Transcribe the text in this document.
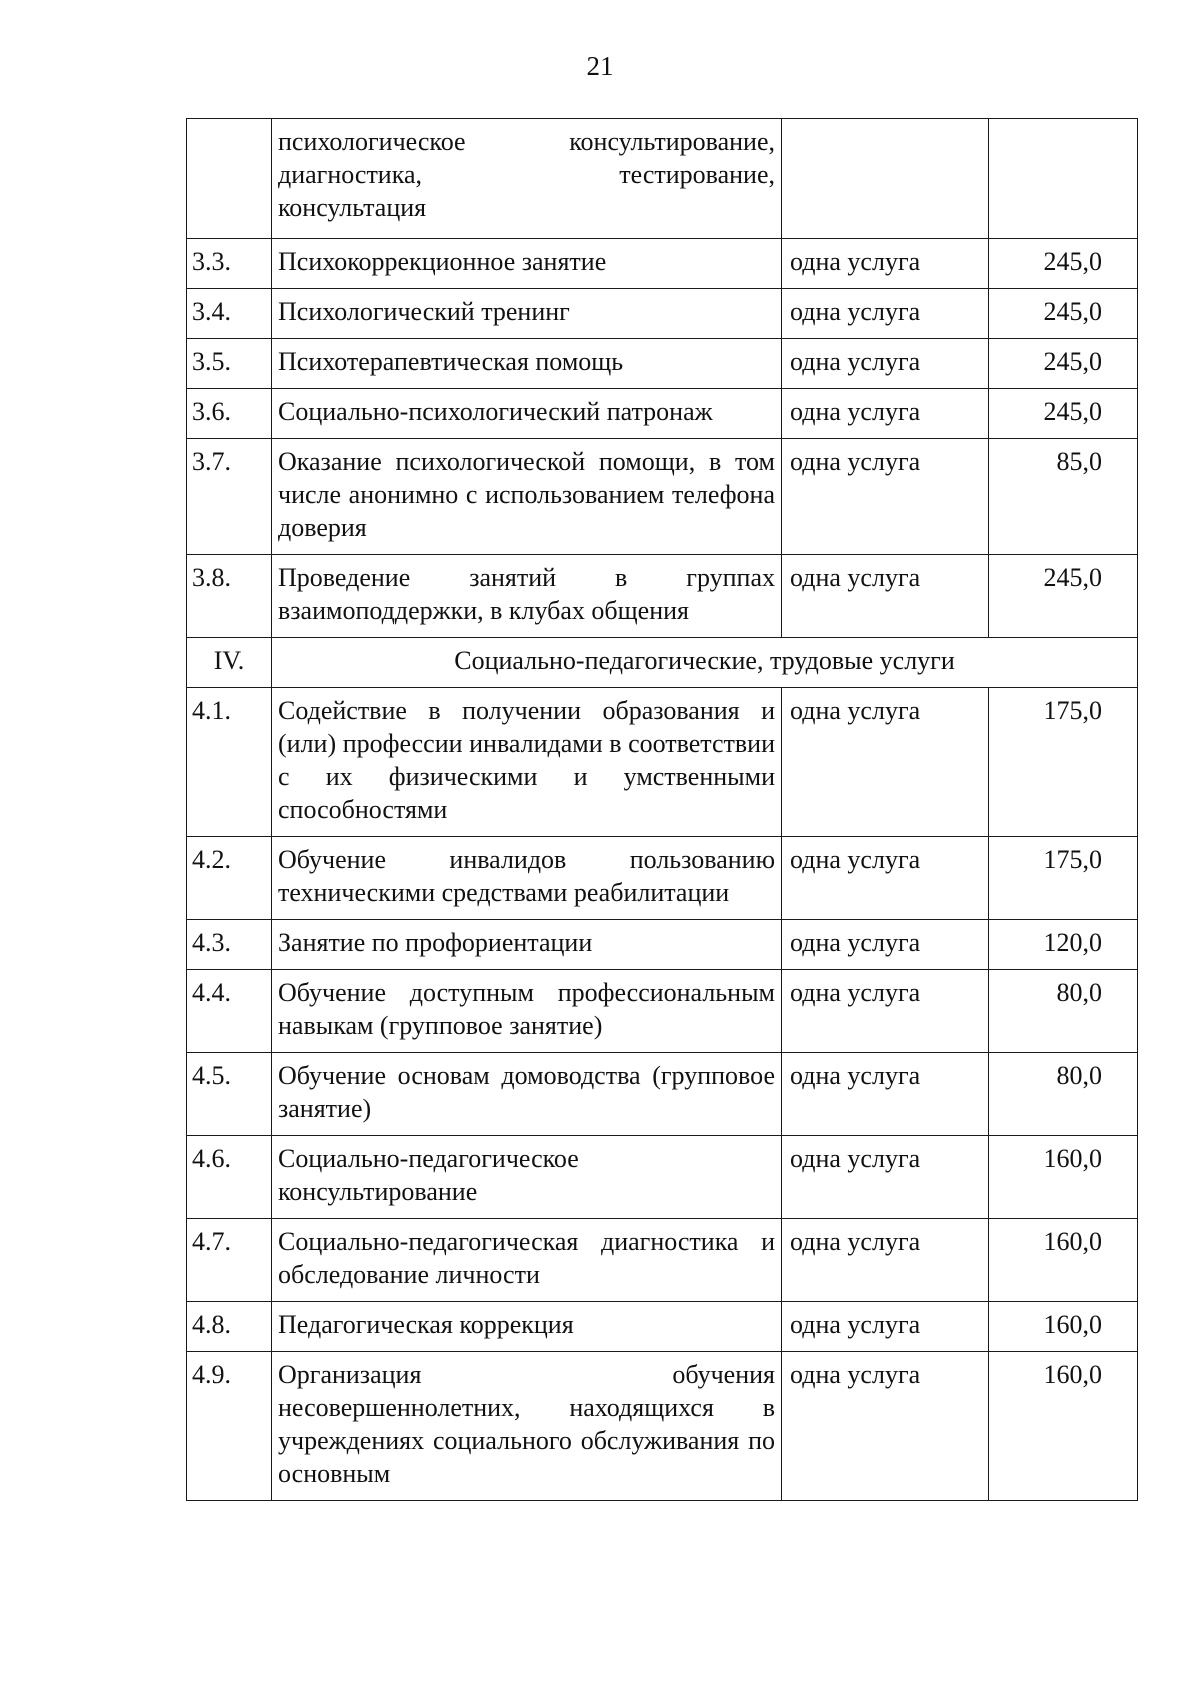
21

	психологическое консультирование,
диагностика, тестирование,
консультация		

3.3.	Психокоррекционное занятие	одна услуга	245,0
3.4.	Психологический тренинг	одна услуга	245,0
3.5.	Психотерапевтическая помощь	одна услуга	245,0
3.6.	Социально-психологический патронаж	одна услуга	245,0
3.7.	Оказание психологической помощи, в том числе анонимно с использованием телефона доверия	одна услуга	85,0
3.8.	Проведение занятий в группах взаимоподдержки, в клубах общения	одна услуга	245,0
IV.	Социально-педагогические, трудовые услуги		
4.1.	Содействие в получении образования и (или) профессии инвалидами в соответствии с их физическими и умственными способностями	одна услуга	175,0
4.2.	Обучение инвалидов пользованию техническими средствами реабилитации	одна услуга	175,0
4.3.	Занятие по профориентации	одна услуга	120,0
4.4.	Обучение доступным профессиональным навыкам (групповое занятие)	одна услуга	80,0
4.5.	Обучение основам домоводства (групповое занятие)	одна услуга	80,0
4.6.	Социально-педагогическое консультирование	одна услуга	160,0
4.7.	Социально-педагогическая диагностика и обследование личности	одна услуга	160,0
4.8.	Педагогическая коррекция	одна услуга	160,0
4.9.	Организация обучения несовершеннолетних, находящихся в учреждениях социального обслуживания по основным	одна услуга	160,0
